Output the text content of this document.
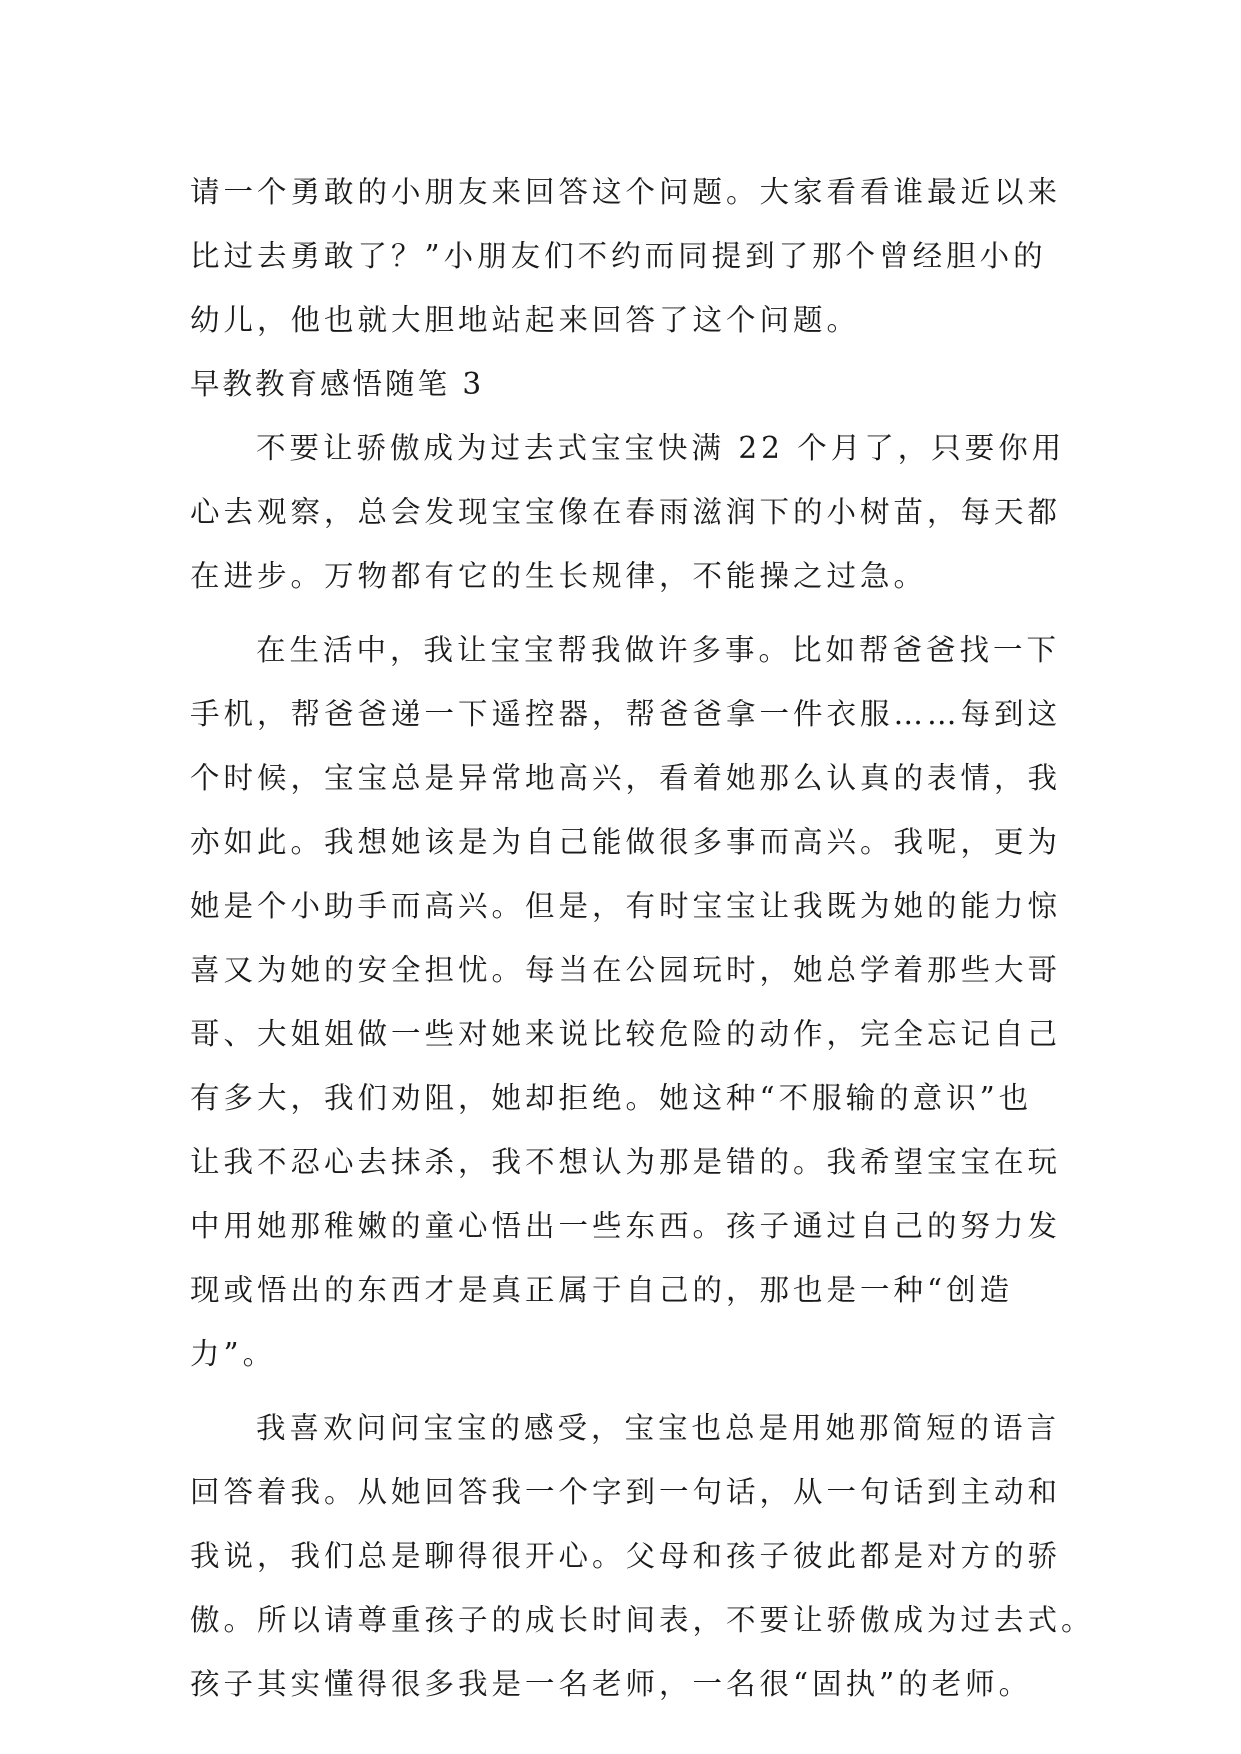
请一个勇敢的小朋友来回答这个问题。大家看看谁最近以来
比过去勇敢了？”小朋友们不约而同提到了那个曾经胆小的
幼儿，他也就大胆地站起来回答了这个问题。
早教教育感悟随笔 3
不要让骄傲成为过去式宝宝快满 22 个月了，只要你用
心去观察，总会发现宝宝像在春雨滋润下的小树苗，每天都
在进步。万物都有它的生长规律，不能操之过急。
在生活中，我让宝宝帮我做许多事。比如帮爸爸找一下
手机，帮爸爸递一下遥控器，帮爸爸拿一件衣服……每到这
个时候，宝宝总是异常地高兴，看着她那么认真的表情，我
亦如此。我想她该是为自己能做很多事而高兴。我呢，更为
她是个小助手而高兴。但是，有时宝宝让我既为她的能力惊
喜又为她的安全担忧。每当在公园玩时，她总学着那些大哥
哥、大姐姐做一些对她来说比较危险的动作，完全忘记自己
有多大，我们劝阻，她却拒绝。她这种“不服输的意识”也
让我不忍心去抹杀，我不想认为那是错的。我希望宝宝在玩
中用她那稚嫩的童心悟出一些东西。孩子通过自己的努力发
现或悟出的东西才是真正属于自己的，那也是一种“创造
力”。
我喜欢问问宝宝的感受，宝宝也总是用她那简短的语言
回答着我。从她回答我一个字到一句话，从一句话到主动和
我说，我们总是聊得很开心。父母和孩子彼此都是对方的骄
傲。所以请尊重孩子的成长时间表，不要让骄傲成为过去式。
孩子其实懂得很多我是一名老师，一名很“固执”的老师。
